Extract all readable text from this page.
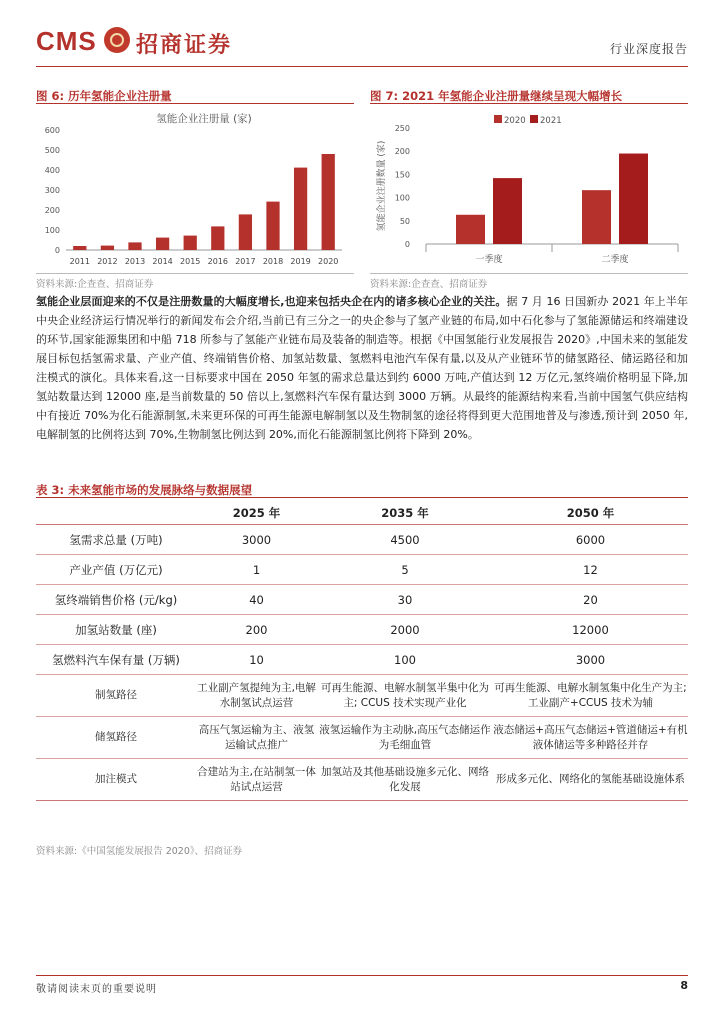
CMS 招商证券	行业深度报告
图 6: 历年氢能企业注册量
氢能企业注册量 (家)
0
100
200
300
400
500
600
2011 2012 2013 2014 2015 2016 2017 2018 2019 2020
资料来源:企查查、招商证券
图 7: 2021 年氢能企业注册量继续呈现大幅增长
2020 2021
氢能企业注册数量 (家)
0
50
100
150
200
250
一季度	二季度
资料来源:企查查、招商证券
氢能企业层面迎来的不仅是注册数量的大幅度增长,也迎来包括央企在内的诸多核心企业的关注。据 7 月 16 日国新办 2021 年上半年中央企业经济运行情况举行的新闻发布会介绍,当前已有三分之一的央企参与了氢产业链的布局,如中石化参与了氢能源储运和终端建设的环节,国家能源集团和中船 718 所参与了氢能产业链布局及装备的制造等。根据《中国氢能行业发展报告 2020》,中国未来的氢能发展目标包括氢需求量、产业产值、终端销售价格、加氢站数量、氢燃料电池汽车保有量,以及从产业链环节的储氢路径、储运路径和加注模式的演化。具体来看,这一目标要求中国在 2050 年氢的需求总量达到约 6000 万吨,产值达到 12 万亿元,氢终端价格明显下降,加氢站数量达到 12000 座,是当前数量的 50 倍以上,氢燃料汽车保有量达到 3000 万辆。从最终的能源结构来看,当前中国氢气供应结构中有接近 70%为化石能源制氢,未来更环保的可再生能源电解制氢以及生物制氢的途径将得到更大范围地普及与渗透,预计到 2050 年,电解制氢的比例将达到 70%,生物制氢比例达到 20%,而化石能源制氢比例将下降到 20%。
表 3: 未来氢能市场的发展脉络与数据展望
	2025 年	2035 年	2050 年
氢需求总量 (万吨)	3000	4500	6000
产业产值 (万亿元)	1	5	12
氢终端销售价格 (元/kg)	40	30	20
加氢站数量 (座)	200	2000	12000
氢燃料汽车保有量 (万辆)	10	100	3000
制氢路径	工业副产氢提纯为主,电解水制氢试点运营	可再生能源、电解水制氢半集中化为主; CCUS 技术实现产业化	可再生能源、电解水制氢集中化生产为主; 工业副产+CCUS 技术为辅
储氢路径	高压气氢运输为主、液氢运输试点推广	液氢运输作为主动脉,高压气态储运作为毛细血管	液态储运+高压气态储运+管道储运+有机液体储运等多种路径并存
加注模式	合建站为主,在站制氢一体站试点运营	加氢站及其他基础设施多元化、网络化发展	形成多元化、网络化的氢能基础设施体系
资料来源:《中国氢能发展报告 2020》、招商证券
敬请阅读末页的重要说明	8
